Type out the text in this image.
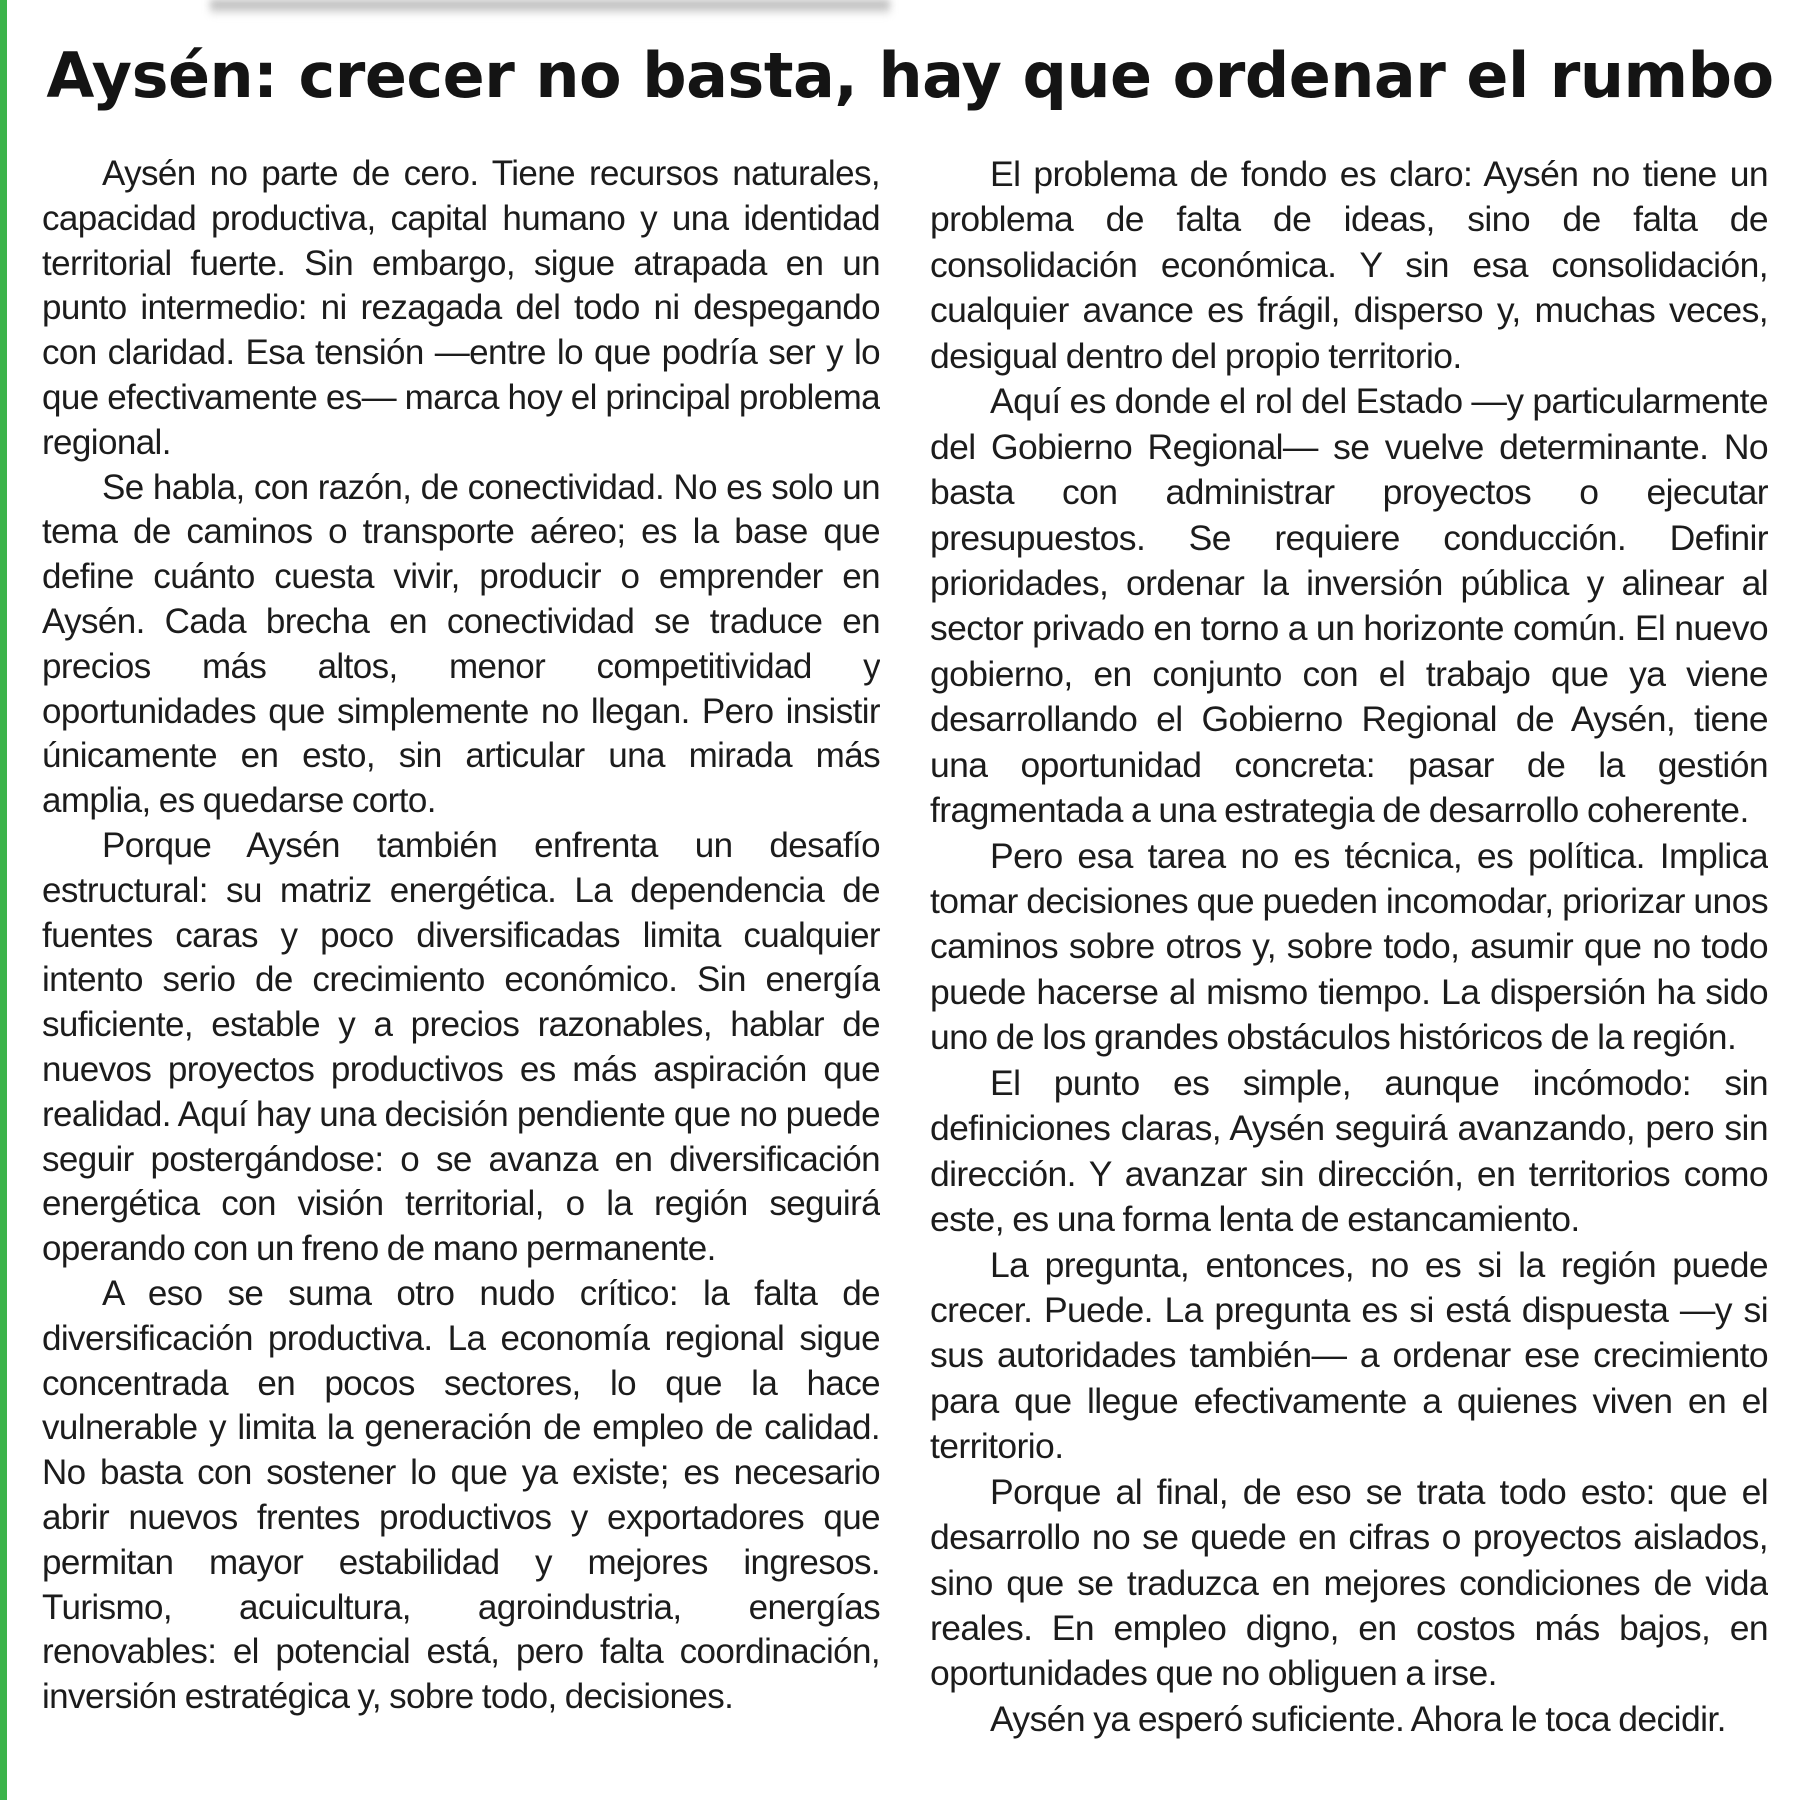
Aysén: crecer no basta, hay que ordenar el rumbo

Aysén no parte de cero. Tiene recursos naturales, capacidad productiva, capital humano y una identidad territorial fuerte. Sin embargo, sigue atrapada en un punto intermedio: ni rezagada del todo ni despegando con claridad. Esa tensión —entre lo que podría ser y lo que efectivamente es— marca hoy el principal problema regional.

Se habla, con razón, de conectividad. No es solo un tema de caminos o transporte aéreo; es la base que define cuánto cuesta vivir, producir o emprender en Aysén. Cada brecha en conectividad se traduce en precios más altos, menor competitividad y oportunidades que simplemente no llegan. Pero insistir únicamente en esto, sin articular una mirada más amplia, es quedarse corto.

Porque Aysén también enfrenta un desafío estructural: su matriz energética. La dependencia de fuentes caras y poco diversificadas limita cualquier intento serio de crecimiento económico. Sin energía suficiente, estable y a precios razonables, hablar de nuevos proyectos productivos es más aspiración que realidad. Aquí hay una decisión pendiente que no puede seguir postergándose: o se avanza en diversificación energética con visión territorial, o la región seguirá operando con un freno de mano permanente.

A eso se suma otro nudo crítico: la falta de diversificación productiva. La economía regional sigue concentrada en pocos sectores, lo que la hace vulnerable y limita la generación de empleo de calidad. No basta con sostener lo que ya existe; es necesario abrir nuevos frentes productivos y exportadores que permitan mayor estabilidad y mejores ingresos. Turismo, acuicultura, agroindustria, energías renovables: el potencial está, pero falta coordinación, inversión estratégica y, sobre todo, decisiones.

El problema de fondo es claro: Aysén no tiene un problema de falta de ideas, sino de falta de consolidación económica. Y sin esa consolidación, cualquier avance es frágil, disperso y, muchas veces, desigual dentro del propio territorio.

Aquí es donde el rol del Estado —y particularmente del Gobierno Regional— se vuelve determinante. No basta con administrar proyectos o ejecutar presupuestos. Se requiere conducción. Definir prioridades, ordenar la inversión pública y alinear al sector privado en torno a un horizonte común. El nuevo gobierno, en conjunto con el trabajo que ya viene desarrollando el Gobierno Regional de Aysén, tiene una oportunidad concreta: pasar de la gestión fragmentada a una estrategia de desarrollo coherente.

Pero esa tarea no es técnica, es política. Implica tomar decisiones que pueden incomodar, priorizar unos caminos sobre otros y, sobre todo, asumir que no todo puede hacerse al mismo tiempo. La dispersión ha sido uno de los grandes obstáculos históricos de la región.

El punto es simple, aunque incómodo: sin definiciones claras, Aysén seguirá avanzando, pero sin dirección. Y avanzar sin dirección, en territorios como este, es una forma lenta de estancamiento.

La pregunta, entonces, no es si la región puede crecer. Puede. La pregunta es si está dispuesta —y si sus autoridades también— a ordenar ese crecimiento para que llegue efectivamente a quienes viven en el territorio.

Porque al final, de eso se trata todo esto: que el desarrollo no se quede en cifras o proyectos aislados, sino que se traduzca en mejores condiciones de vida reales. En empleo digno, en costos más bajos, en oportunidades que no obliguen a irse.

Aysén ya esperó suficiente. Ahora le toca decidir.
